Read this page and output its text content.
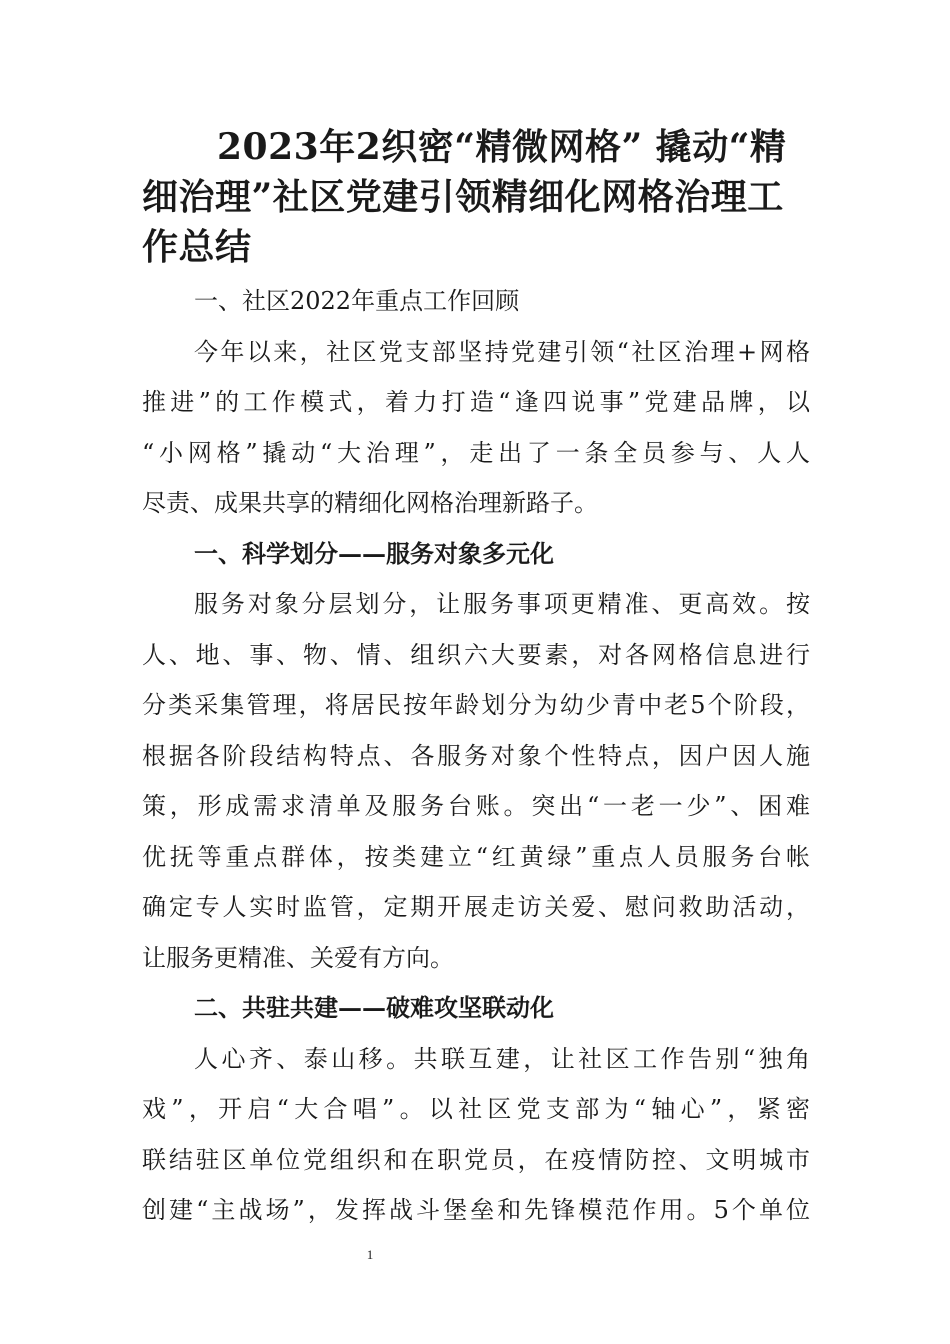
2023年2织密“精微网格” 撬动“精
细治理”社区党建引领精细化网格治理工
作总结

一、社区2022年重点工作回顾

今年以来，社区党支部坚持党建引领“社区治理+网格
推进”的工作模式，着力打造“逢四说事”党建品牌，以
“小网格”撬动“大治理”，走出了一条全员参与、人人
尽责、成果共享的精细化网格治理新路子。

一、科学划分——服务对象多元化

服务对象分层划分，让服务事项更精准、更高效。按
人、地、事、物、情、组织六大要素，对各网格信息进行
分类采集管理，将居民按年龄划分为幼少青中老5个阶段，
根据各阶段结构特点、各服务对象个性特点，因户因人施
策，形成需求清单及服务台账。突出“一老一少”、困难
优抚等重点群体，按类建立“红黄绿”重点人员服务台帐
确定专人实时监管，定期开展走访关爱、慰问救助活动，
让服务更精准、关爱有方向。

二、共驻共建——破难攻坚联动化

人心齐、泰山移。共联互建，让社区工作告别“独角
戏”，开启“大合唱”。以社区党支部为“轴心”，紧密
联结驻区单位党组织和在职党员，在疫情防控、文明城市
创建“主战场”，发挥战斗堡垒和先锋模范作用。5个单位

1
